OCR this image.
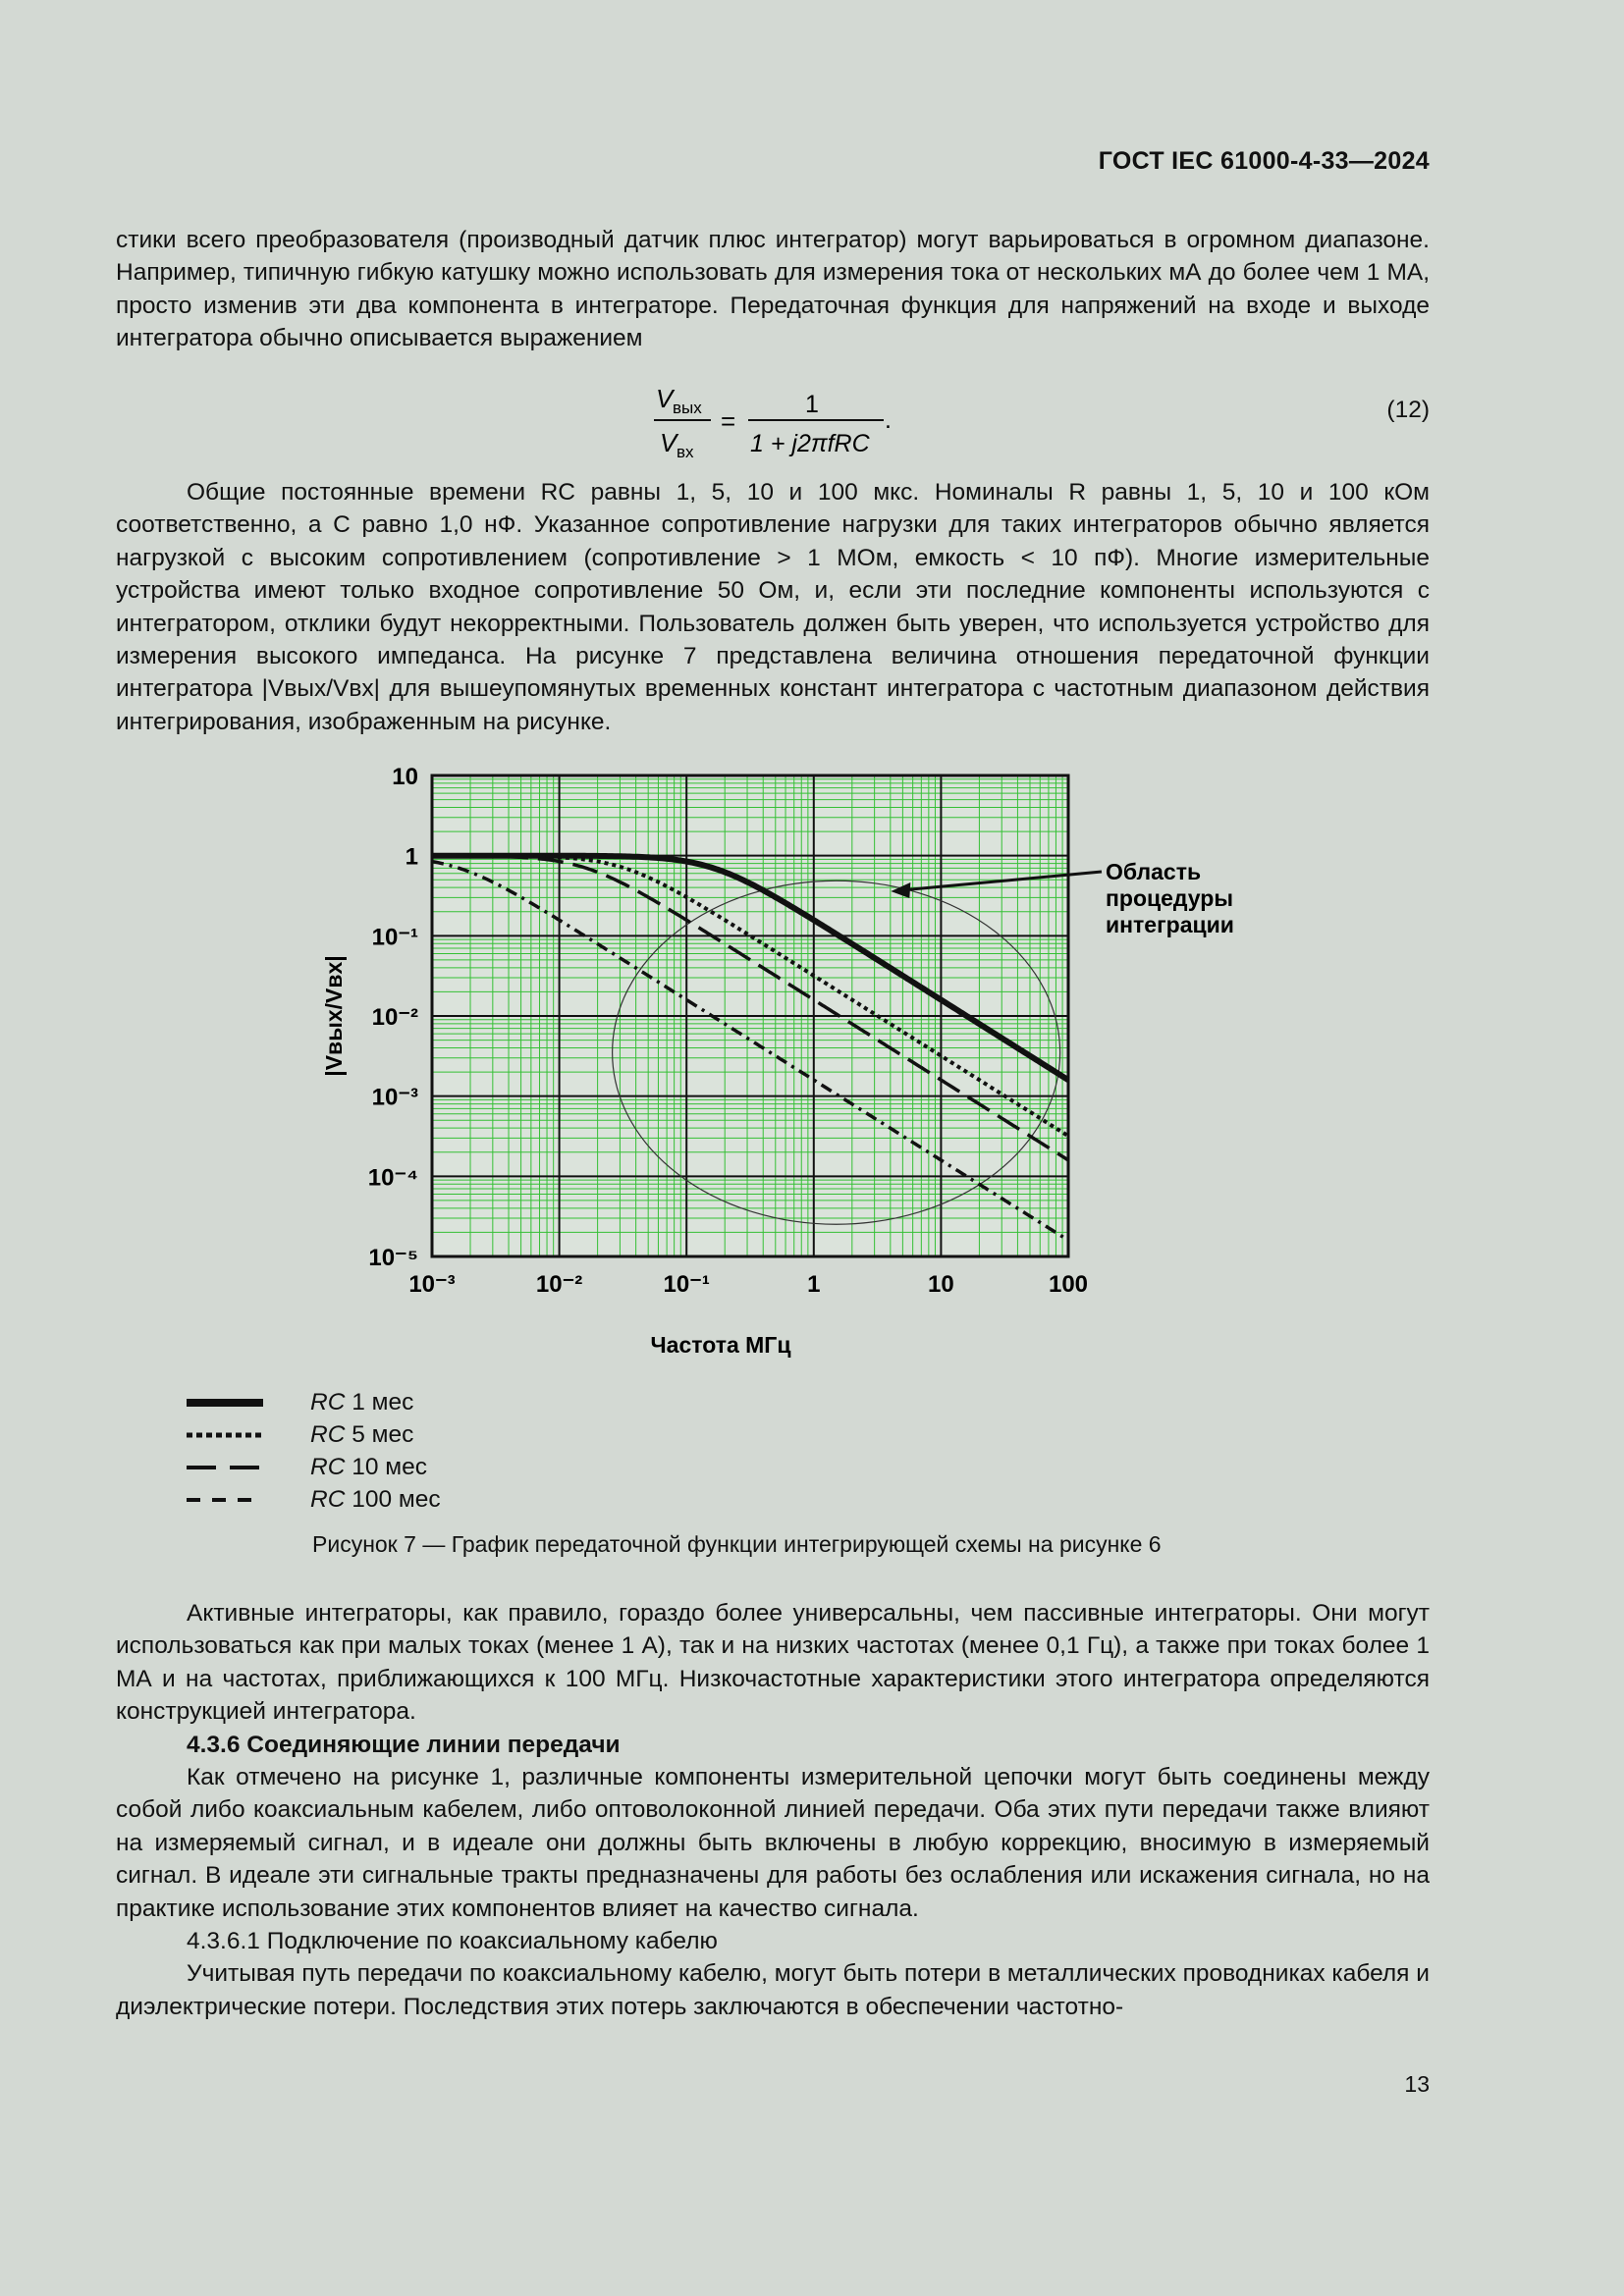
ГОСТ IEC 61000-4-33—2024

стики всего преобразователя (производный датчик плюс интегратор) могут варьироваться в огромном диапазоне. Например, типичную гибкую катушку можно использовать для измерения тока от нескольких мА до более чем 1 МА, просто изменив эти два компонента в интеграторе. Передаточная функция для напряжений на входе и выходе интегратора обычно описывается выражением

V вых
V вх
=
1
1 + j2πfRC
.	(12)

Общие постоянные времени RC равны 1, 5, 10 и 100 мкс. Номиналы R равны 1, 5, 10 и 100 кОм соответственно, а C равно 1,0 нФ. Указанное сопротивление нагрузки для таких интеграторов обычно является нагрузкой с высоким сопротивлением (сопротивление > 1 МОм, емкость < 10 пФ). Многие измерительные устройства имеют только входное сопротивление 50 Ом, и, если эти последние компоненты используются с интегратором, отклики будут некорректными. Пользователь должен быть уверен, что используется устройство для измерения высокого импеданса. На рисунке 7 представлена величина отношения передаточной функции интегратора |Vвых/Vвх| для вышеупомянутых временных констант интегратора с частотным диапазоном действия интегрирования, изображенным на рисунке.

10⁻³	10⁻²	10⁻¹	1	10	100
10
1
10⁻¹
10⁻²
10⁻³
10⁻⁴
10⁻⁵
Частота МГц
|Vвых/Vвх|
Область
процедуры
интеграции
RC 1 мес
RC 5 мес
RC 10 мес
RC 100 мес
Рисунок 7 — График передаточной функции интегрирующей схемы на рисунке 6

Активные интеграторы, как правило, гораздо более универсальны, чем пассивные интеграторы. Они могут использоваться как при малых токах (менее 1 А), так и на низких частотах (менее 0,1 Гц), а также при токах более 1 МА и на частотах, приближающихся к 100 МГц. Низкочастотные характеристики этого интегратора определяются конструкцией интегратора.

4.3.6 Соединяющие линии передачи

Как отмечено на рисунке 1, различные компоненты измерительной цепочки могут быть соединены между собой либо коаксиальным кабелем, либо оптоволоконной линией передачи. Оба этих пути передачи также влияют на измеряемый сигнал, и в идеале они должны быть включены в любую коррекцию, вносимую в измеряемый сигнал. В идеале эти сигнальные тракты предназначены для работы без ослабления или искажения сигнала, но на практике использование этих компонентов влияет на качество сигнала.

4.3.6.1 Подключение по коаксиальному кабелю

Учитывая путь передачи по коаксиальному кабелю, могут быть потери в металлических проводниках кабеля и диэлектрические потери. Последствия этих потерь заключаются в обеспечении частотно-

13
